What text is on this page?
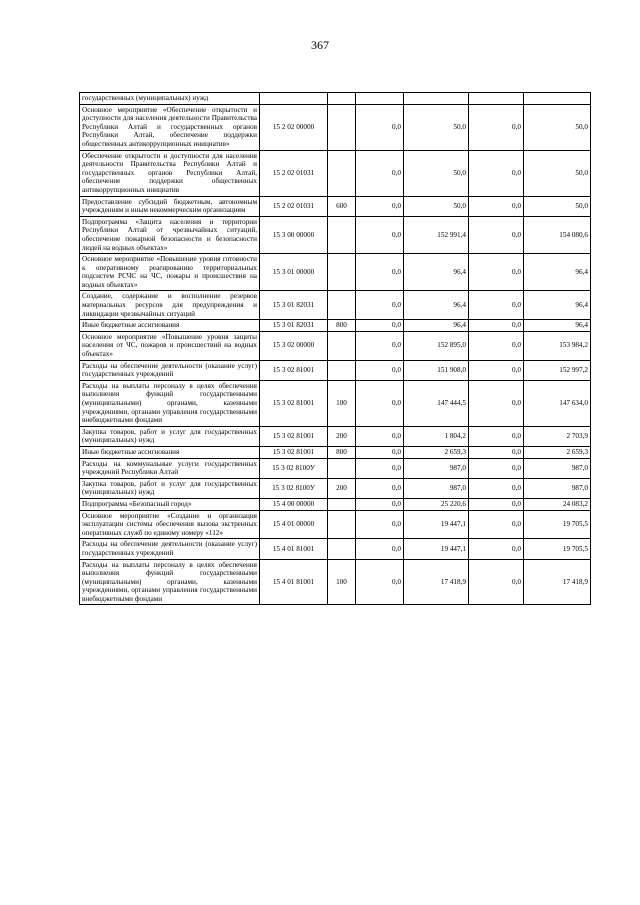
367
государственных (муниципальных) нужд						
Основное мероприятие «Обеспечение открытости и доступности для населения деятельности Правительства Республики Алтай и государственных органов Республики Алтай, обеспечение поддержки общественных антикоррупционных инициатив»	15 2 02 00000		0,0	50,0	0,0	50,0
Обеспечение открытости и доступности для населения деятельности Правительства Республики Алтай и государственных органов Республики Алтай, обеспечение поддержки общественных антикоррупционных инициатив	15 2 02 01031		0,0	50,0	0,0	50,0
Предоставление субсидий бюджетным, автономным учреждениям и иным некоммерческим организациям	15 2 02 01031	600	0,0	50,0	0,0	50,0
Подпрограмма «Защита населения и территории Республики Алтай от чрезвычайных ситуаций, обеспечение пожарной безопасности и безопасности людей на водных объектах»	15 3 00 00000		0,0	152 991,4	0,0	154 080,6
Основное мероприятие «Повышение уровня готовности к оперативному реагированию территориальных подсистем РСЧС на ЧС, пожары и происшествия на водных объектах»	15 3 01 00000		0,0	96,4	0,0	96,4
Создание, содержание и восполнение резервов материальных ресурсов для предупреждения и ликвидации чрезвычайных ситуаций	15 3 01 82031		0,0	96,4	0,0	96,4
Иные бюджетные ассигнования	15 3 01 82031	800	0,0	96,4	0,0	96,4
Основное мероприятие «Повышение уровня защиты населения от ЧС, пожаров и происшествий на водных объектах»	15 3 02 00000		0,0	152 895,0	0,0	153 984,2
Расходы на обеспечение деятельности (оказание услуг) государственных учреждений	15 3 02 81001		0,0	151 908,0	0,0	152 997,2
Расходы на выплаты персоналу в целях обеспечения выполнения функций государственными (муниципальными) органами, казенными учреждениями, органами управления государственными внебюджетными фондами	15 3 02 81001	100	0,0	147 444,5	0,0	147 634,0
Закупка товаров, работ и услуг для государственных (муниципальных) нужд	15 3 02 81001	200	0,0	1 804,2	0,0	2 703,9
Иные бюджетные ассигнования	15 3 02 81001	800	0,0	2 659,3	0,0	2 659,3
Расходы на коммунальные услуги государственных учреждений Республики Алтай	15 3 02 8100У		0,0	987,0	0,0	987,0
Закупка товаров, работ и услуг для государственных (муниципальных) нужд	15 3 02 8100У	200	0,0	987,0	0,0	987,0
Подпрограмма «Безопасный город»	15 4 00 00000		0,0	25 220,6	0,0	24 083,2
Основное мероприятие «Создание и организация эксплуатации системы обеспечения вызова экстренных оперативных служб по единому номеру «112»	15 4 01 00000		0,0	19 447,1	0,0	19 705,5
Расходы на обеспечение деятельности (оказание услуг) государственных учреждений	15 4 01 81001		0,0	19 447,1	0,0	19 705,5
Расходы на выплаты персоналу в целях обеспечения выполнения функций государственными (муниципальными) органами, казенными учреждениями, органами управления государственными внебюджетными фондами	15 4 01 81001	100	0,0	17 418,9	0,0	17 418,9
